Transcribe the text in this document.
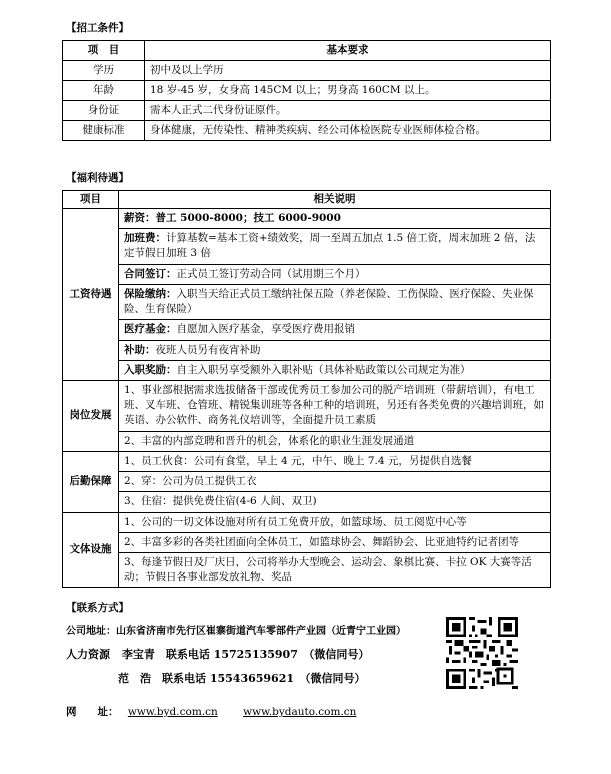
【招工条件】
项　目	基本要求
学历	初中及以上学历
年龄	18 岁-45 岁，女身高 145CM 以上；男身高 160CM 以上。
身份证	需本人正式二代身份证原件。
健康标准	身体健康，无传染性、精神类疾病、经公司体检医院专业医师体检合格。
【福利待遇】
项目	相关说明
工资待遇	薪资：普工 5000-8000；技工 6000-9000
	加班费：计算基数=基本工资+绩效奖，周一至周五加点 1.5 倍工资，周末加班 2 倍，法定节假日加班 3 倍
	合同签订：正式员工签订劳动合同（试用期三个月）
	保险缴纳：入职当天给正式员工缴纳社保五险（养老保险、工伤保险、医疗保险、失业保险、生育保险）
	医疗基金：自愿加入医疗基金，享受医疗费用报销
	补助：夜班人员另有夜宵补助
	入职奖励：自主入职另享受额外入职补贴（具体补贴政策以公司规定为准）
岗位发展	1、事业部根据需求选拔储备干部或优秀员工参加公司的脱产培训班（带薪培训），有电工班、叉车班、仓管班、精锐集训班等各种工种的培训班，另还有各类免费的兴趣培训班，如英语、办公软件、商务礼仪培训等，全面提升员工素质
	2、丰富的内部竞聘和晋升的机会，体系化的职业生涯发展通道
后勤保障	1、员工伙食：公司有食堂，早上 4 元，中午、晚上 7.4 元，另提供自选餐
	2、穿：公司为员工提供工衣
	3、住宿：提供免费住宿(4-6 人间、双卫)
文体设施	1、公司的一切文体设施对所有员工免费开放，如篮球场、员工阅览中心等
	2、丰富多彩的各类社团面向全体员工，如篮球协会、舞蹈协会、比亚迪特约记者团等
	3、每逢节假日及厂庆日，公司将举办大型晚会、运动会、象棋比赛、卡拉 OK 大赛等活动；节假日各事业部发放礼物、奖品
【联系方式】
公司地址：山东省济南市先行区崔寨街道汽车零部件产业园（近青宁工业园）
人力资源 李宝青　联系电话 15725135907　（微信同号）
范　浩　联系电话 15543659621　（微信同号）
网　　址： www.byd.com.cn www.bydauto.com.cn
